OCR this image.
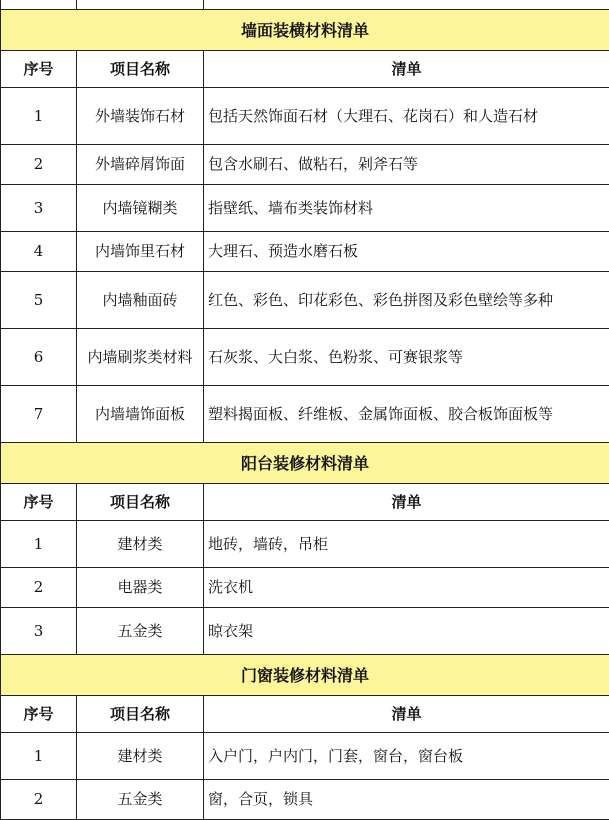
墙面装横材料清单		
序号	项目名称	清单
1	外墙装饰石材	包括天然饰面石材（大理石、花岗石）和人造石材
2	外墙碎屑饰面	包含水刷石、做粘石，剁斧石等
3	内墙镜糊类	指壁纸、墙布类装饰材料
4	内墙饰里石材	大理石、预造水磨石板
5	内墙釉面砖	红色、彩色、印花彩色、彩色拼图及彩色壁绘等多种
6	内墙刷浆类材料	石灰浆、大白浆、色粉浆、可赛银浆等
7	内墙墙饰面板	塑料揭面板、纤维板、金属饰面板、胶合板饰面板等
阳台装修材料清单		
序号	项目名称	清单
1	建材类	地砖，墙砖，吊柜
2	电器类	洗衣机
3	五金类	晾衣架
门窗装修材料清单		
序号	项目名称	清单
1	建材类	入户门，户内门，门套，窗台，窗台板
2	五金类	窗，合页，锁具
